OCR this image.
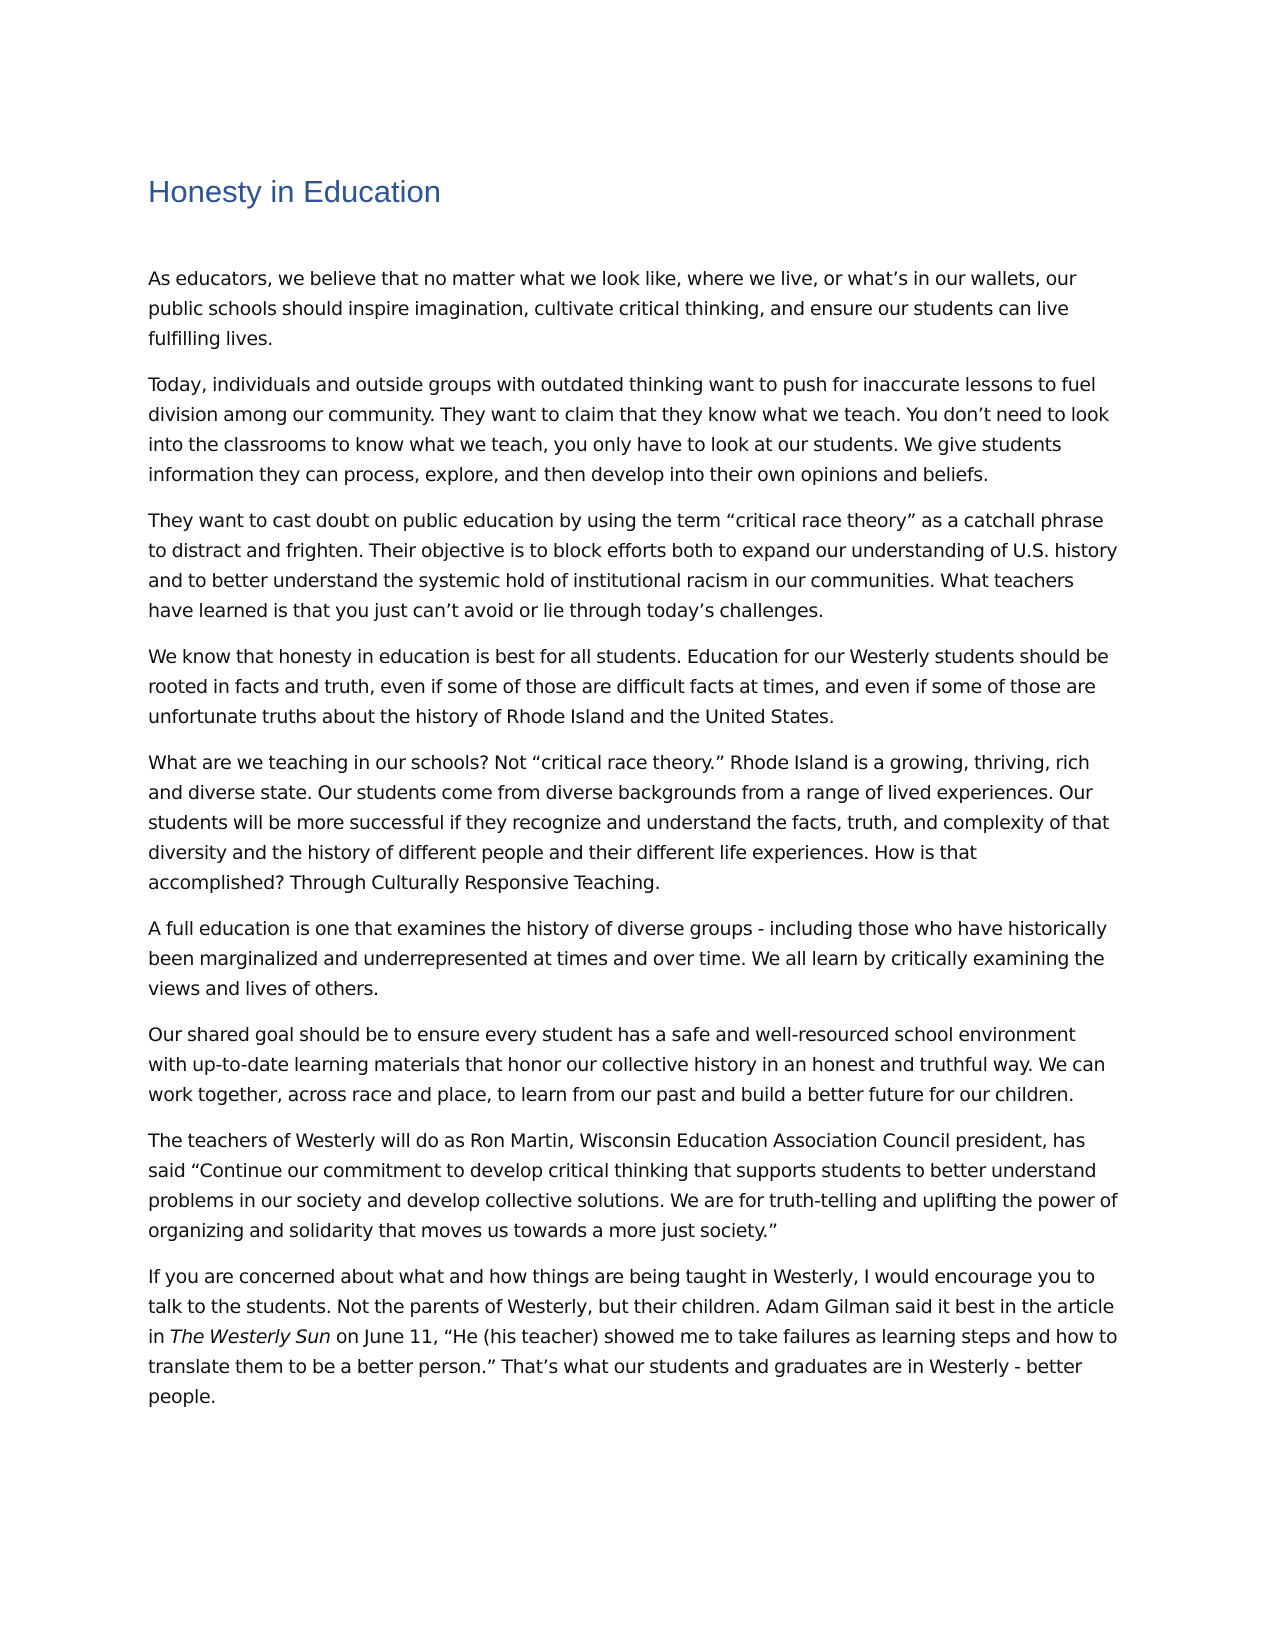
Honesty in Education

As educators, we believe that no matter what we look like, where we live, or what’s in our wallets, our public schools should inspire imagination, cultivate critical thinking, and ensure our students can live fulfilling lives.

Today, individuals and outside groups with outdated thinking want to push for inaccurate lessons to fuel division among our community. They want to claim that they know what we teach. You don’t need to look into the classrooms to know what we teach, you only have to look at our students. We give students information they can process, explore, and then develop into their own opinions and beliefs.

They want to cast doubt on public education by using the term “critical race theory” as a catchall phrase to distract and frighten. Their objective is to block efforts both to expand our understanding of U.S. history and to better understand the systemic hold of institutional racism in our communities. What teachers have learned is that you just can’t avoid or lie through today’s challenges.

We know that honesty in education is best for all students. Education for our Westerly students should be rooted in facts and truth, even if some of those are difficult facts at times, and even if some of those are unfortunate truths about the history of Rhode Island and the United States.

What are we teaching in our schools? Not “critical race theory.” Rhode Island is a growing, thriving, rich and diverse state. Our students come from diverse backgrounds from a range of lived experiences. Our students will be more successful if they recognize and understand the facts, truth, and complexity of that diversity and the history of different people and their different life experiences. How is that accomplished? Through Culturally Responsive Teaching.

A full education is one that examines the history of diverse groups - including those who have historically been marginalized and underrepresented at times and over time. We all learn by critically examining the views and lives of others.

Our shared goal should be to ensure every student has a safe and well-resourced school environment with up-to-date learning materials that honor our collective history in an honest and truthful way. We can work together, across race and place, to learn from our past and build a better future for our children.

The teachers of Westerly will do as Ron Martin, Wisconsin Education Association Council president, has said “Continue our commitment to develop critical thinking that supports students to better understand problems in our society and develop collective solutions. We are for truth-telling and uplifting the power of organizing and solidarity that moves us towards a more just society.”

If you are concerned about what and how things are being taught in Westerly, I would encourage you to talk to the students. Not the parents of Westerly, but their children. Adam Gilman said it best in the article in The Westerly Sun on June 11, “He (his teacher) showed me to take failures as learning steps and how to translate them to be a better person.” That’s what our students and graduates are in Westerly - better people.
